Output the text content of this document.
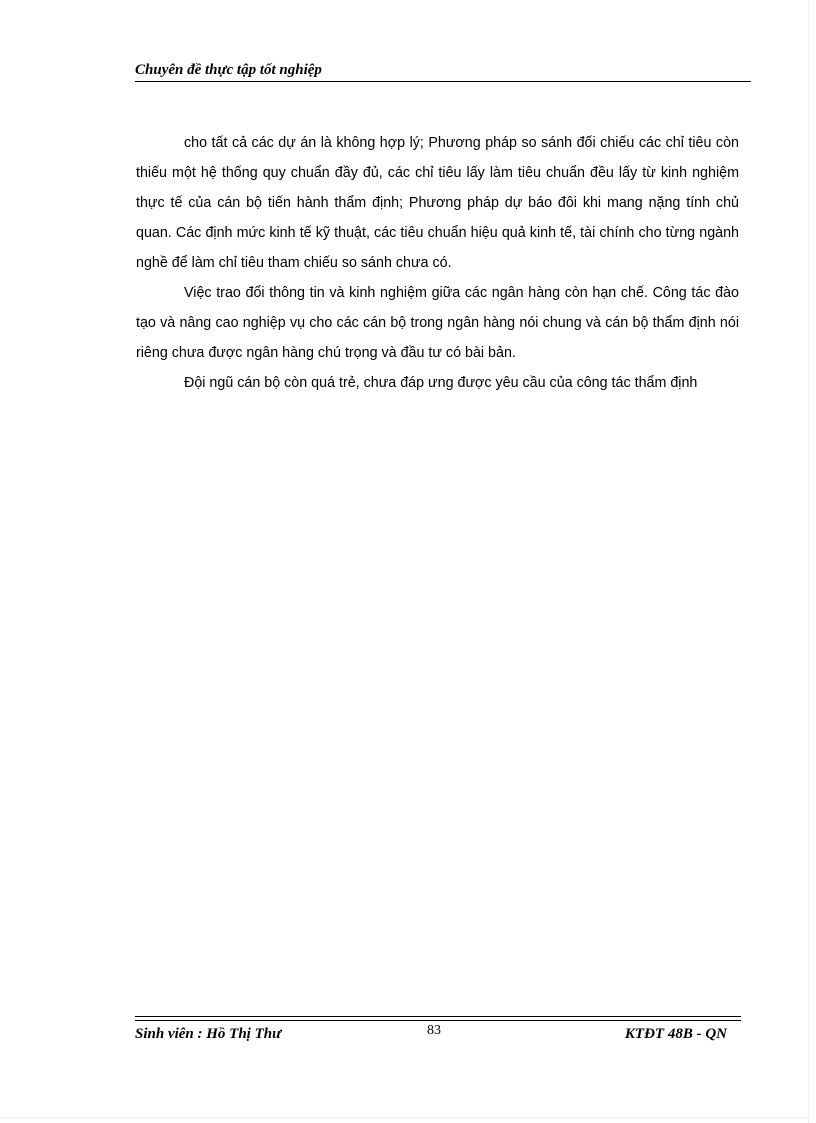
Chuyên đề thực tập tốt nghiệp

cho tất cả các dự án là không hợp lý; Phương pháp so sánh đối chiếu các chỉ tiêu còn thiếu một hệ thống quy chuẩn đầy đủ, các chỉ tiêu lấy làm tiêu chuẩn đều lấy từ kinh nghiệm thực tế của cán bộ tiến hành thẩm định; Phương pháp dự báo đôi khi mang nặng tính chủ quan. Các định mức kinh tế kỹ thuật, các tiêu chuẩn hiệu quả kinh tế, tài chính cho từng ngành nghề để làm chỉ tiêu tham chiếu so sánh chưa có.

Việc trao đổi thông tin và kinh nghiệm giữa các ngân hàng còn hạn chế. Công tác đào tạo và nâng cao nghiệp vụ cho các cán bộ trong ngân hàng nói chung và cán bộ thẩm định nói riêng chưa được ngân hàng chú trọng và đầu tư có bài bản.

Đội ngũ cán bộ còn quá trẻ, chưa đáp ưng được yêu cầu của công tác thẩm định

Sinh viên : Hồ Thị Thư	83	KTĐT 48B - QN
